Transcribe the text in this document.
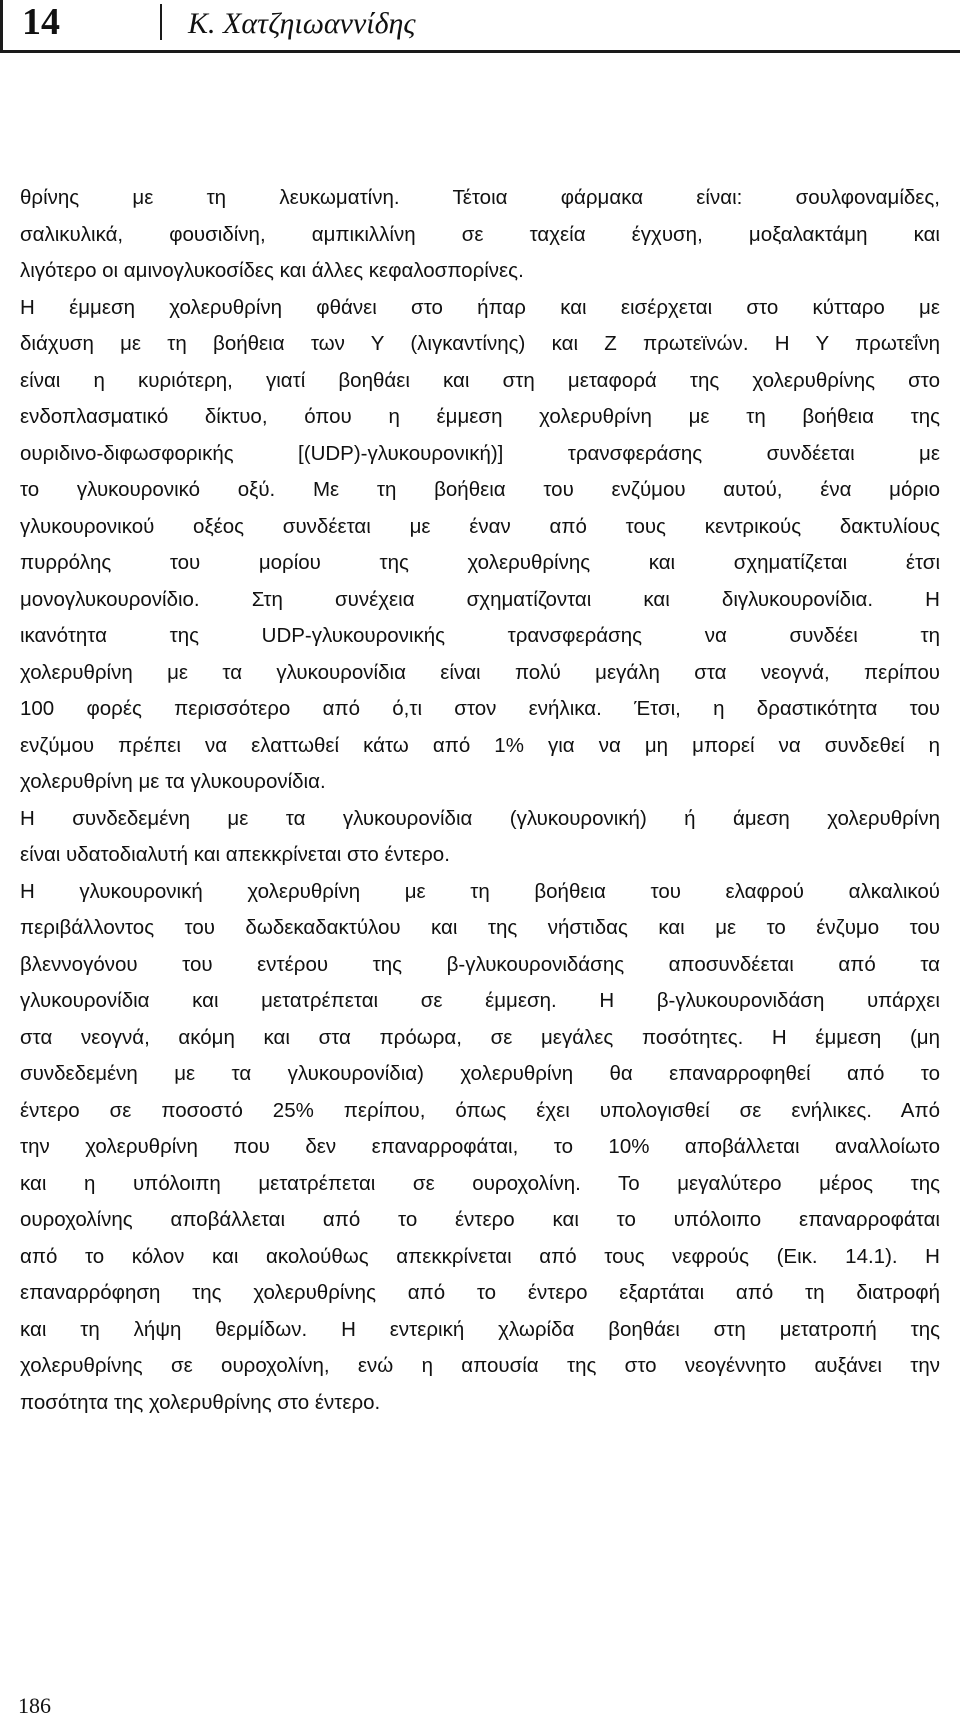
14	Κ. Χατζηιωαννίδης
θρίνης με τη λευκωματίνη. Τέτοια φάρμακα είναι: σουλφοναμίδες,
σαλικυλικά, φουσιδίνη, αμπικιλλίνη σε ταχεία έγχυση, μοξαλακτάμη και
λιγότερο οι αμινογλυκοσίδες και άλλες κεφαλοσπορίνες.
Η έμμεση χολερυθρίνη φθάνει στο ήπαρ και εισέρχεται στο κύτταρο με
διάχυση με τη βοήθεια των Υ (λιγκαντίνης) και Ζ πρωτεϊνών. Η Υ πρωτεΐνη
είναι η κυριότερη, γιατί βοηθάει και στη μεταφορά της χολερυθρίνης στο
ενδοπλασματικό δίκτυο, όπου η έμμεση χολερυθρίνη με τη βοήθεια της
ουριδινο-διφωσφορικής [(UDP)-γλυκουρονική)] τρανσφεράσης συνδέεται με
το γλυκουρονικό οξύ. Με τη βοήθεια του ενζύμου αυτού, ένα μόριο
γλυκουρονικού οξέος συνδέεται με έναν από τους κεντρικούς δακτυλίους
πυρρόλης του μορίου της χολερυθρίνης και σχηματίζεται έτσι
μονογλυκουρονίδιο. Στη συνέχεια σχηματίζονται και διγλυκουρονίδια. Η
ικανότητα της UDP-γλυκουρονικής τρανσφεράσης να συνδέει τη
χολερυθρίνη με τα γλυκουρονίδια είναι πολύ μεγάλη στα νεογνά, περίπου
100 φορές περισσότερο από ό,τι στον ενήλικα. Έτσι, η δραστικότητα του
ενζύμου πρέπει να ελαττωθεί κάτω από 1% για να μη μπορεί να συνδεθεί η
χολερυθρίνη με τα γλυκουρονίδια.
Η συνδεδεμένη με τα γλυκουρονίδια (γλυκουρονική) ή άμεση χολερυθρίνη
είναι υδατοδιαλυτή και απεκκρίνεται στο έντερο.
Η γλυκουρονική χολερυθρίνη με τη βοήθεια του ελαφρού αλκαλικού
περιβάλλοντος του δωδεκαδακτύλου και της νήστιδας και με το ένζυμο του
βλεννογόνου του εντέρου της β-γλυκουρονιδάσης αποσυνδέεται από τα
γλυκουρονίδια και μετατρέπεται σε έμμεση. Η β-γλυκουρονιδάση υπάρχει
στα νεογνά, ακόμη και στα πρόωρα, σε μεγάλες ποσότητες. Η έμμεση (μη
συνδεδεμένη με τα γλυκουρονίδια) χολερυθρίνη θα επαναρροφηθεί από το
έντερο σε ποσοστό 25% περίπου, όπως έχει υπολογισθεί σε ενήλικες. Από
την χολερυθρίνη που δεν επαναρροφάται, το 10% αποβάλλεται αναλλοίωτο
και η υπόλοιπη μετατρέπεται σε ουροχολίνη. Το μεγαλύτερο μέρος της
ουροχολίνης αποβάλλεται από το έντερο και το υπόλοιπο επαναρροφάται
από το κόλον και ακολούθως απεκκρίνεται από τους νεφρούς (Εικ. 14.1). Η
επαναρρόφηση της χολερυθρίνης από το έντερο εξαρτάται από τη διατροφή
και τη λήψη θερμίδων. Η εντερική χλωρίδα βοηθάει στη μετατροπή της
χολερυθρίνης σε ουροχολίνη, ενώ η απουσία της στο νεογέννητο αυξάνει την
ποσότητα της χολερυθρίνης στο έντερο.
186
